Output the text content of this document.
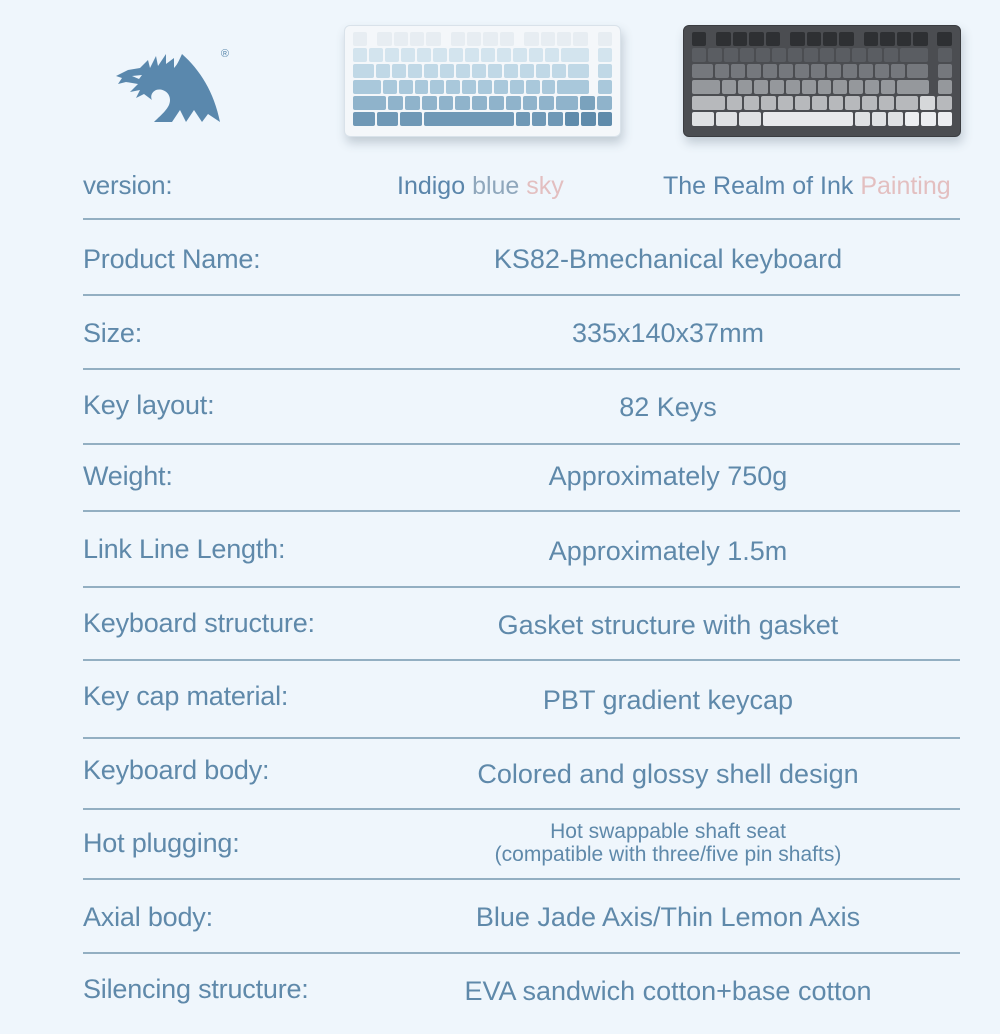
®
version:	Indigo blue sky	The Realm of Ink Painting
Product Name:	KS82-Bmechanical keyboard
Size:	335x140x37mm
Key layout:	82 Keys
Weight:	Approximately 750g
Link Line Length:	Approximately 1.5m
Keyboard structure:	Gasket structure with gasket
Key cap material:	PBT gradient keycap
Keyboard body:	Colored and glossy shell design
Hot plugging:	Hot swappable shaft seat
(compatible with three/five pin shafts)
Axial body:	Blue Jade Axis/Thin Lemon Axis
Silencing structure:	EVA sandwich cotton+base cotton
